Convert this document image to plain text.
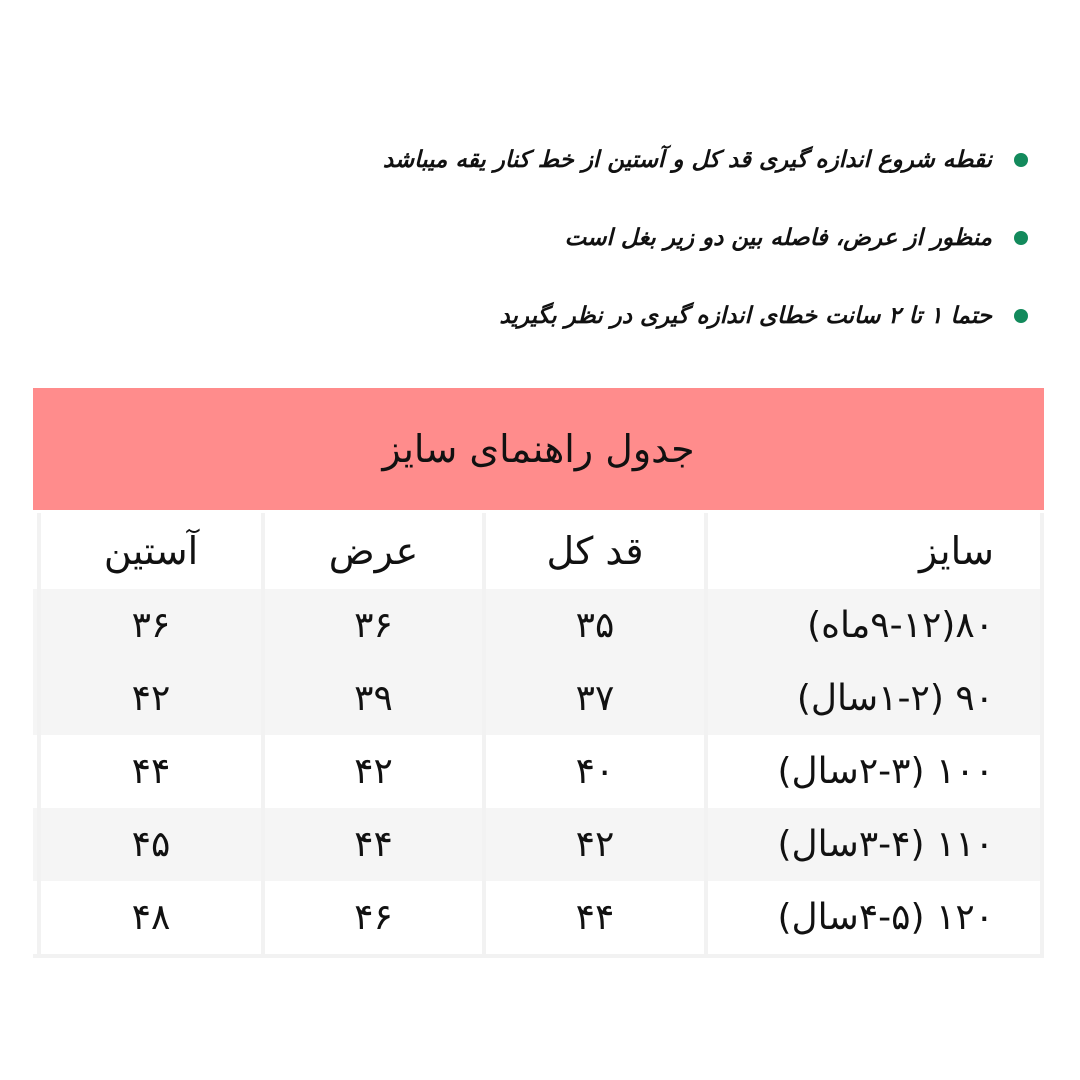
نقطه شروع اندازه گیری قد کل و آستین از خط کنار یقه میباشد
منظور از عرض، فاصله بین دو زیر بغل است
حتما ۱ تا ۲ سانت خطای اندازه گیری در نظر بگیرید
جدول راهنمای سایز
سایز
قد کل
عرض
آستین
۸۰(۹-۱۲ماه)
۳۵
۳۶
۳۶
۹۰ (۱-۲سال)
۳۷
۳۹
۴۲
۱۰۰ (۲-۳سال)
۴۰
۴۲
۴۴
۱۱۰ (۳-۴سال)
۴۲
۴۴
۴۵
۱۲۰ (۴-۵سال)
۴۴
۴۶
۴۸
